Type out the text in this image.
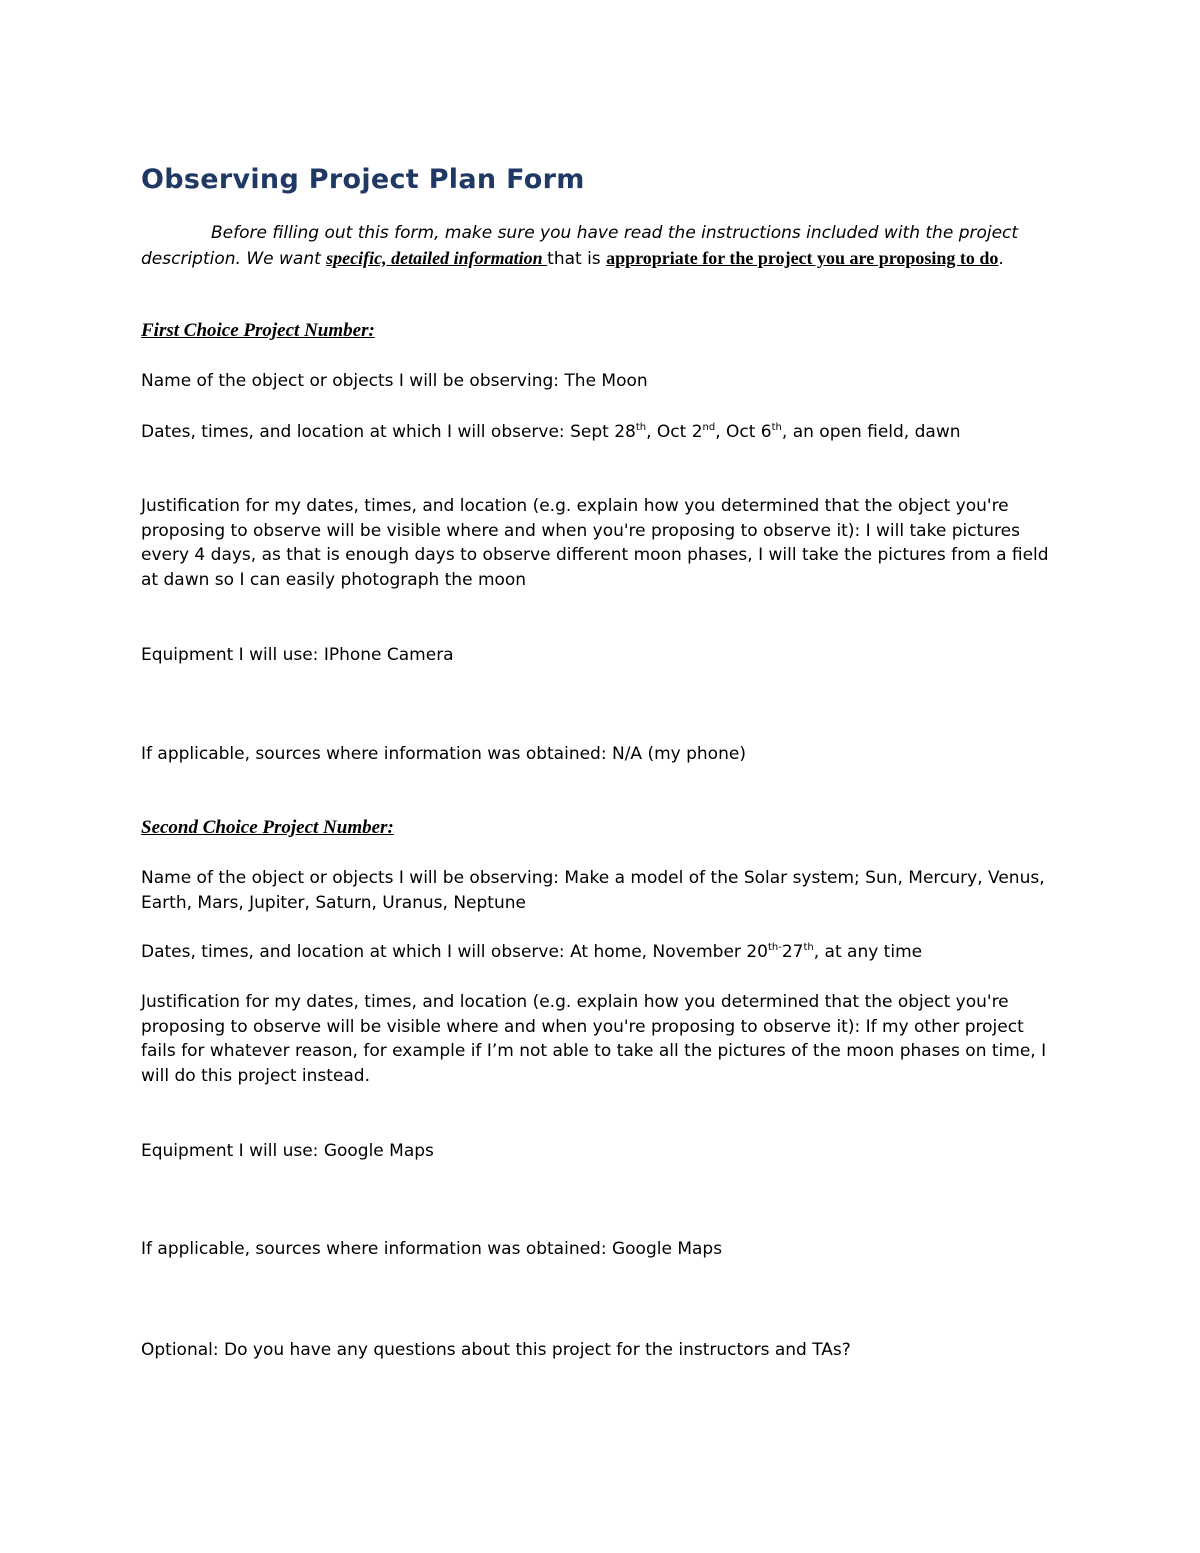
Observing Project Plan Form

Before filling out this form, make sure you have read the instructions included with the project description. We want specific, detailed information that is appropriate for the project you are proposing to do.

First Choice Project Number:

Name of the object or objects I will be observing: The Moon

Dates, times, and location at which I will observe: Sept 28th, Oct 2nd, Oct 6th, an open field, dawn

Justification for my dates, times, and location (e.g. explain how you determined that the object you're proposing to observe will be visible where and when you're proposing to observe it): I will take pictures every 4 days, as that is enough days to observe different moon phases, I will take the pictures from a field at dawn so I can easily photograph the moon

Equipment I will use: IPhone Camera

If applicable, sources where information was obtained: N/A (my phone)

Second Choice Project Number:

Name of the object or objects I will be observing: Make a model of the Solar system; Sun, Mercury, Venus, Earth, Mars, Jupiter, Saturn, Uranus, Neptune

Dates, times, and location at which I will observe: At home, November $20^{th-}27th$, at any time

Justification for my dates, times, and location (e.g. explain how you determined that the object you're proposing to observe will be visible where and when you're proposing to observe it): If my other project fails for whatever reason, for example if I’m not able to take all the pictures of the moon phases on time, I will do this project instead.

Equipment I will use: Google Maps

If applicable, sources where information was obtained: Google Maps

Optional: Do you have any questions about this project for the instructors and TAs?
